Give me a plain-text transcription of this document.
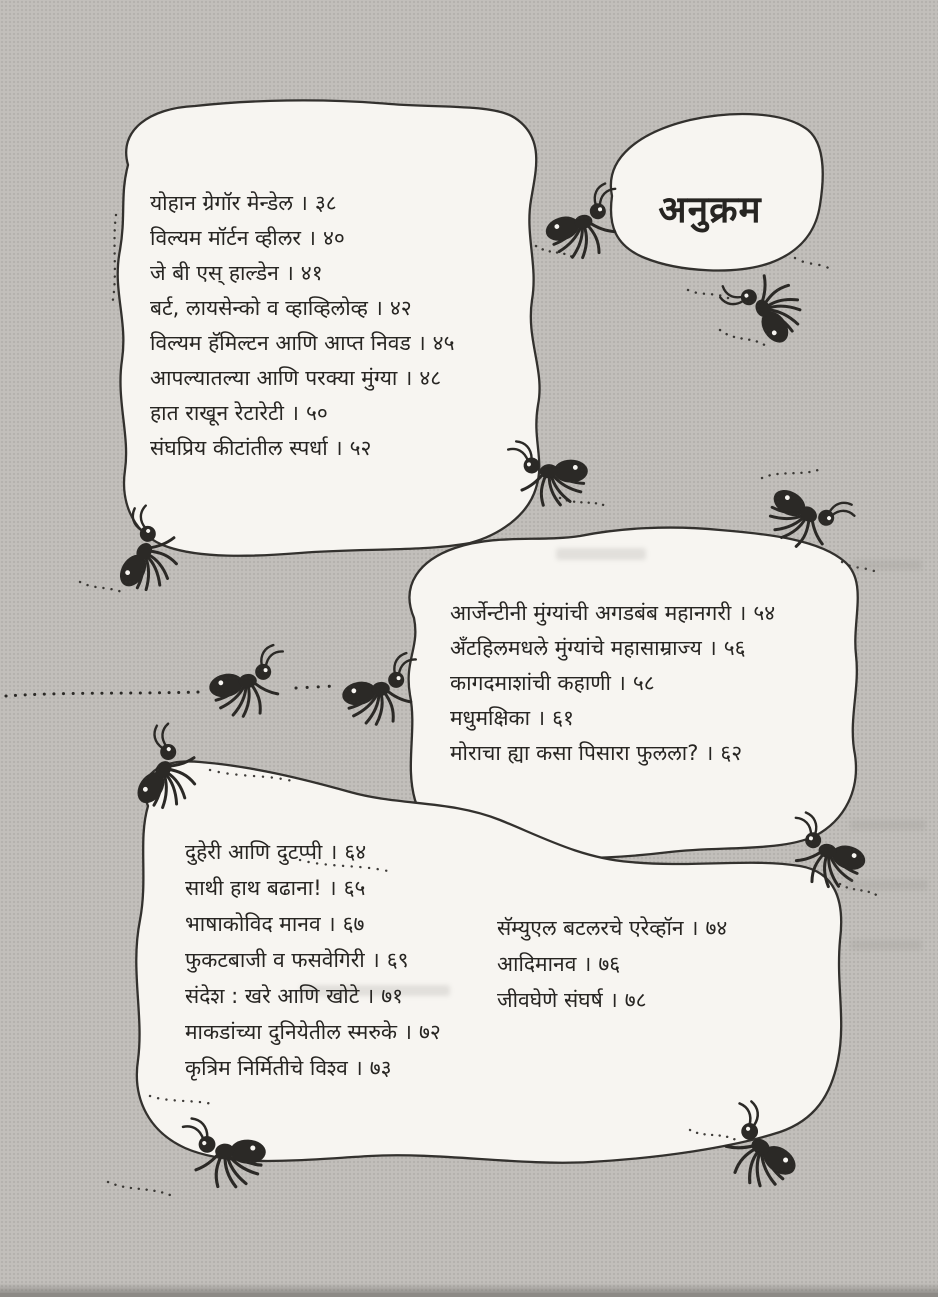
अनुक्रम
योहान ग्रेगॉर मेन्डेल । ३८
विल्यम मॉर्टन व्हीलर । ४०
जे बी एस् हाल्डेन । ४१
बर्ट, लायसेन्को व व्हाव्हिलोव्ह । ४२
विल्यम हॅमिल्टन आणि आप्त निवड । ४५
आपल्यातल्या आणि परक्या मुंग्या । ४८
हात राखून रेटारेटी । ५०
संघप्रिय कीटांतील स्पर्धा । ५२
आर्जेन्टीनी मुंग्यांची अगडबंब महानगरी । ५४
अँटहिलमधले मुंग्यांचे महासाम्राज्य । ५६
कागदमाशांची कहाणी । ५८
मधुमक्षिका । ६१
मोराचा ह्या कसा पिसारा फुलला? । ६२
दुहेरी आणि दुटप्पी । ६४
साथी हाथ बढाना! । ६५
भाषाकोविद मानव । ६७
फुकटबाजी व फसवेगिरी । ६९
संदेश : खरे आणि खोटे । ७१
माकडांच्या दुनियेतील स्मरुके । ७२
कृत्रिम निर्मितीचे विश्व । ७३
सॅम्युएल बटलरचे एरेव्हॉन । ७४
आदिमानव । ७६
जीवघेणे संघर्ष । ७८
